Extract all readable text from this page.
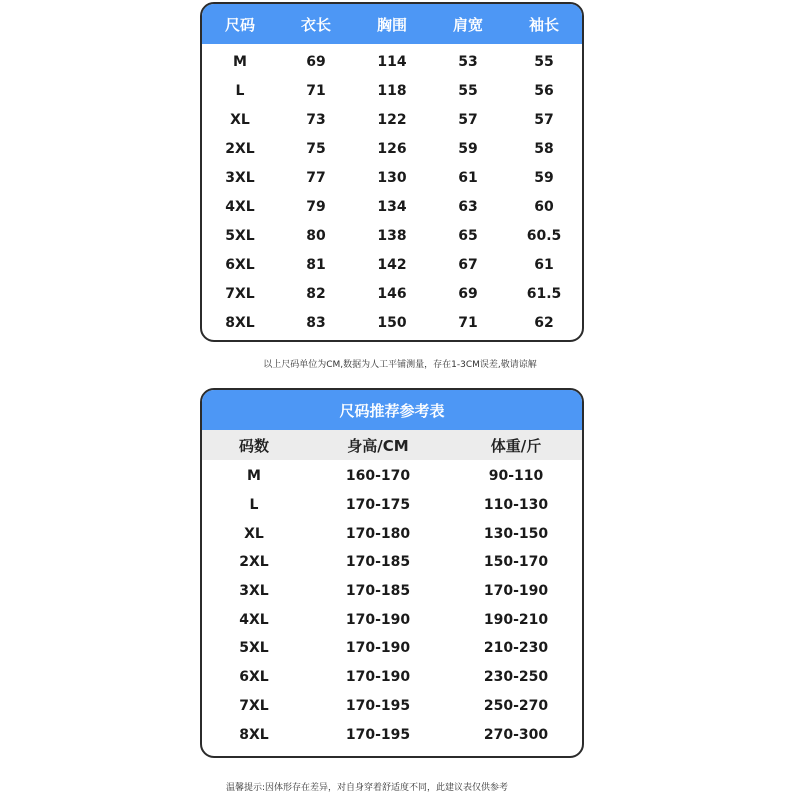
尺码	衣长	胸围	肩宽	袖长
M	69	114	53	55
L	71	118	55	56
XL	73	122	57	57
2XL	75	126	59	58
3XL	77	130	61	59
4XL	79	134	63	60
5XL	80	138	65	60.5
6XL	81	142	67	61
7XL	82	146	69	61.5
8XL	83	150	71	62
以上尺码单位为CM,数据为人工平铺测量，存在1-3CM误差,敬请谅解
尺码推荐参考表
码数	身高/CM	体重/斤
M	160-170	90-110
L	170-175	110-130
XL	170-180	130-150
2XL	170-185	150-170
3XL	170-185	170-190
4XL	170-190	190-210
5XL	170-190	210-230
6XL	170-190	230-250
7XL	170-195	250-270
8XL	170-195	270-300
温馨提示:因体形存在差异，对自身穿着舒适度不同，此建议表仅供参考
